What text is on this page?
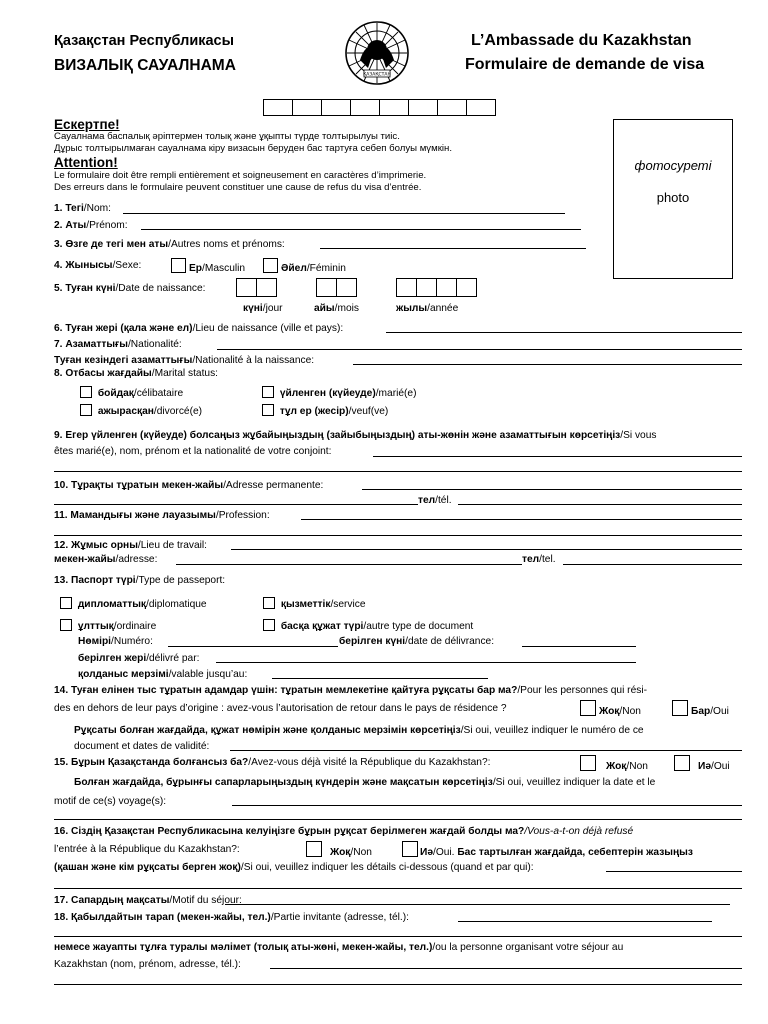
Қазақстан Республикасы
ВИЗАЛЫҚ САУАЛНАМА
L’Ambassade du Kazakhstan
Formulaire de demande de visa
ҚАЗАҚСТАН
фотосуреті
photo
Ескертпе!
Сауалнама баспалық әріптермен толық және ұқыпты түрде толтырылуы тиіс.
Дұрыс толтырылмаған сауалнама кіру визасын беруден бас тартуға себеп болуы мүмкін.
Attention!
Le formulaire doit être rempli entièrement et soigneusement en caractères d’imprimerie.
Des erreurs dans le formulaire peuvent constituer une cause de refus du visa d’entrée.
1. Тегі/Nom:
2. Аты/Prénom:
3. Өзге де тегі мен аты/Autres noms et prénoms:
4. Жынысы/Sexe:	Ер/Masculin	Әйел/Féminin
5. Туған күні/Date de naissance:
күні/jour	айы/mois	жылы/année
6. Туған жері (қала және ел)/Lieu de naissance (ville et pays):
7. Азаматтығы/Nationalité:
Туған кезіндегі азаматтығы/Nationalité à la naissance:
8. Отбасы жағдайы/Marital status:
бойдақ/célibataire	үйленген (күйеуде)/marié(e)
ажырасқан/divorcé(e)	тұл ер (жесір)/veuf(ve)
9. Егер үйленген (күйеуде) болсаңыз жұбайыңыздың (зайыбыңыздың) аты-жөнін және азаматтығын көрсетіңіз/Si vous
êtes marié(e), nom, prénom et la nationalité de votre conjoint:
10. Тұрақты тұратын мекен-жайы/Adresse permanente:
тел/tél.
11. Мамандығы және лауазымы/Profession:
12. Жұмыс орны/Lieu de travail:
мекен-жайы/adresse:	тел/tel.
13. Паспорт түрі/Type de passeport:
дипломаттық/diplomatique	қызметтік/service
ұлттық/ordinaire	басқа құжат түрі/autre type de document
Нөмірі/Numéro:	берілген күні/date de délivrance:
берілген жері/délivré par:
қолданыс мерзімі/valable jusqu’au:
14. Туған елінен тыс тұратын адамдар үшін: тұратын мемлекетіне қайтуға рұқсаты бар ма?/Pour les personnes qui rési-
des en dehors de leur pays d’origine : avez-vous l’autorisation de retour dans le pays de résidence ?	Жоқ/Non	Бар/Oui
Рұқсаты болған жағдайда, құжат нөмірін және қолданыс мерзімін көрсетіңіз/Si oui, veuillez indiquer le numéro de ce
document et dates de validité:
15. Бұрын Қазақстанда болғансыз ба?/Avez-vous déjà visité la République du Kazakhstan?:	Жоқ/Non	Иә/Oui
Болған жағдайда, бұрынғы сапарларыңыздың күндерін және мақсатын көрсетіңіз/Si oui, veuillez indiquer la date et le
motif de ce(s) voyage(s):
16. Сіздің Қазақстан Республикасына келуіңізге бұрын рұқсат берілмеген жағдай болды ма?/Vous-a-t-on déjà refusé
l’entrée à la République du Kazakhstan?:	Жоқ/Non	Иә/Oui. Бас тартылған жағдайда, себептерін жазыңыз
(қашан және кім рұқсаты берген жоқ)/Si oui, veuillez indiquer les détails ci-dessous (quand et par qui):
17. Сапардың мақсаты/Motif du séjour:
18. Қабылдайтын тарап (мекен-жайы, тел.)/Partie invitante (adresse, tél.):
немесе жауапты тұлға туралы мәлімет (толық аты-жөні, мекен-жайы, тел.)/ou la personne organisant votre séjour au
Kazakhstan (nom, prénom, adresse, tél.):
